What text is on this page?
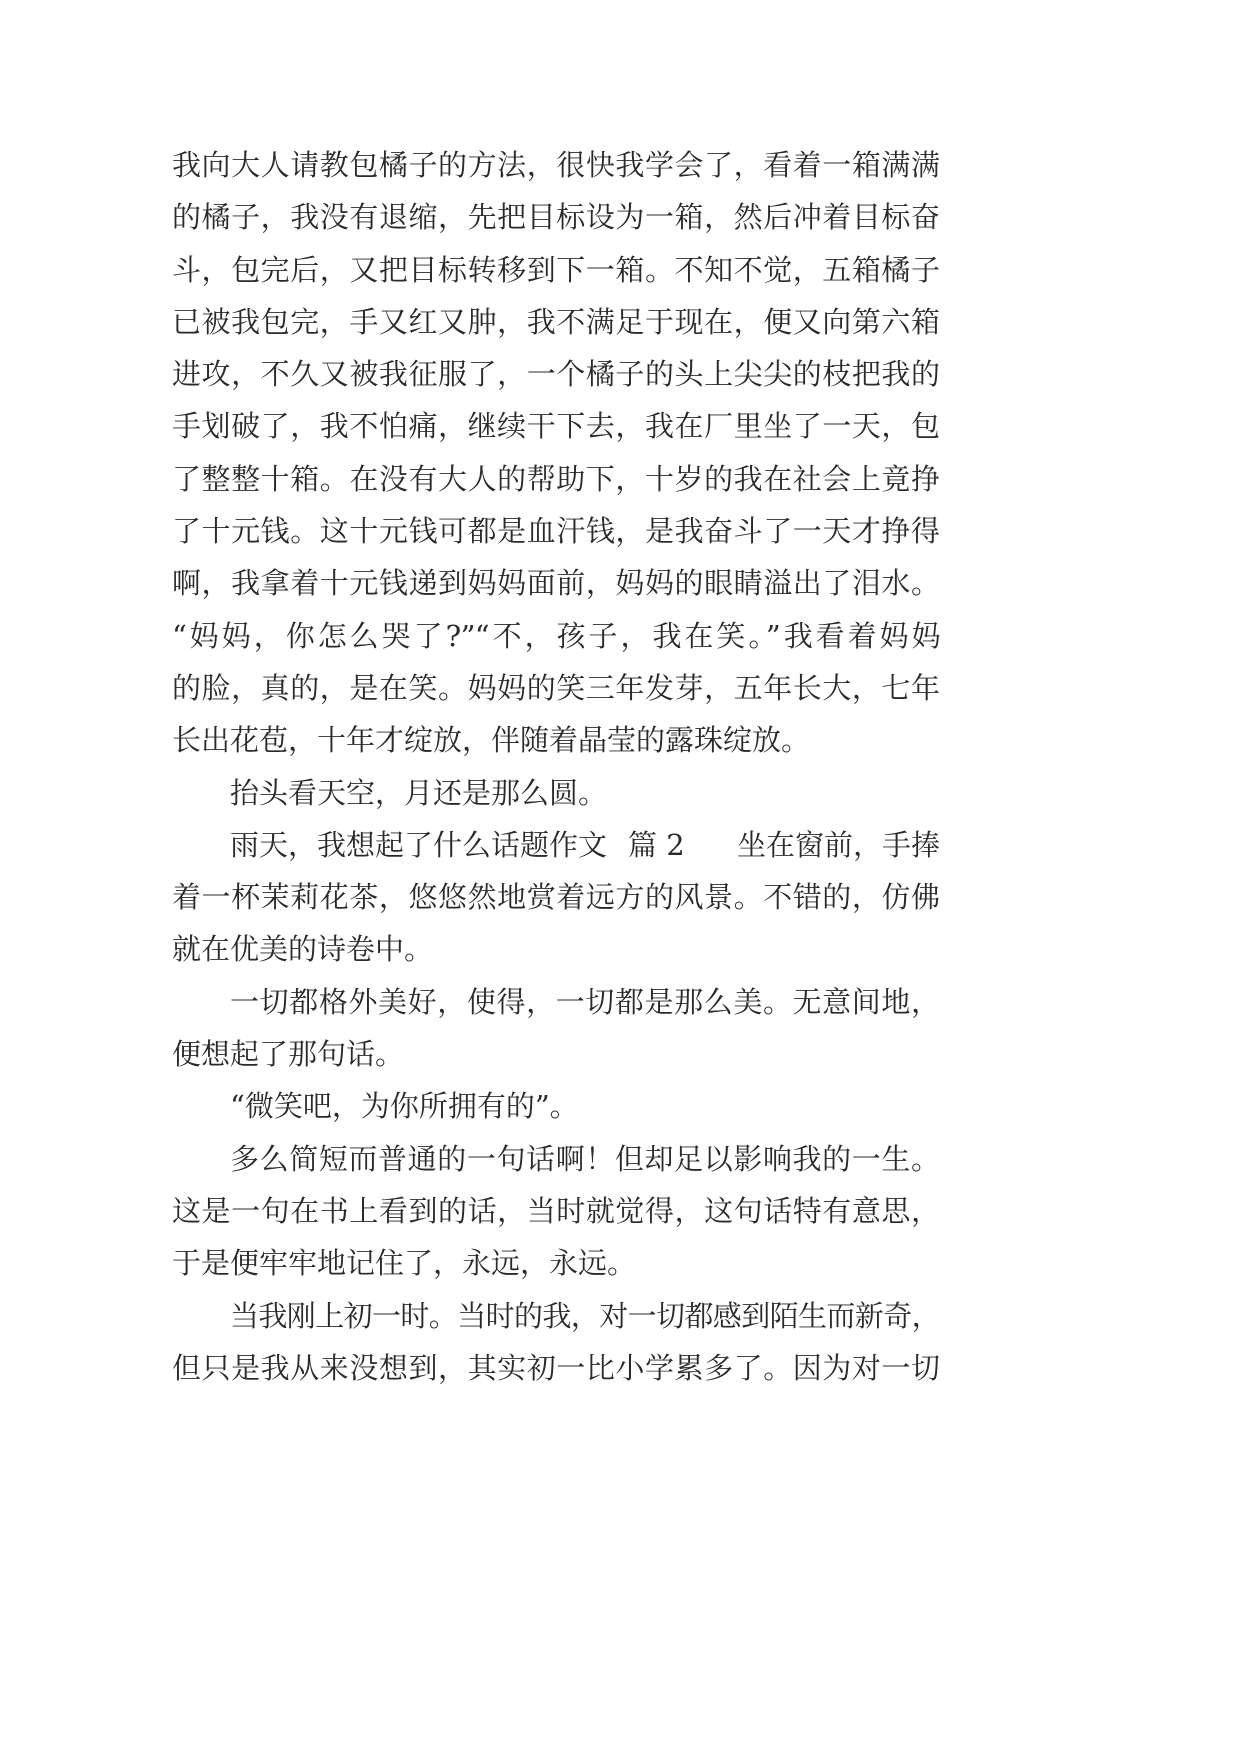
我向大人请教包橘子的方法，很快我学会了，看着一箱满满
的橘子，我没有退缩，先把目标设为一箱，然后冲着目标奋
斗，包完后，又把目标转移到下一箱。不知不觉，五箱橘子
已被我包完，手又红又肿，我不满足于现在，便又向第六箱
进攻，不久又被我征服了，一个橘子的头上尖尖的枝把我的
手划破了，我不怕痛，继续干下去，我在厂里坐了一天，包
了整整十箱。在没有大人的帮助下，十岁的我在社会上竟挣
了十元钱。这十元钱可都是血汗钱，是我奋斗了一天才挣得
啊，我拿着十元钱递到妈妈面前，妈妈的眼睛溢出了泪水。
“妈妈，你怎么哭了?”“不，孩子，我在笑。”我看着妈妈
的脸，真的，是在笑。妈妈的笑三年发芽，五年长大，七年
长出花苞，十年才绽放，伴随着晶莹的露珠绽放。
抬头看天空，月还是那么圆。
雨天，我想起了什么话题作文 篇 2 坐在窗前，手捧
着一杯茉莉花茶，悠悠然地赏着远方的风景。不错的，仿佛
就在优美的诗卷中。
一切都格外美好，使得，一切都是那么美。无意间地，
便想起了那句话。
“微笑吧，为你所拥有的”。
多么简短而普通的一句话啊！但却足以影响我的一生。
这是一句在书上看到的话，当时就觉得，这句话特有意思，
于是便牢牢地记住了，永远，永远。
当我刚上初一时。当时的我，对一切都感到陌生而新奇，
但只是我从来没想到，其实初一比小学累多了。因为对一切
